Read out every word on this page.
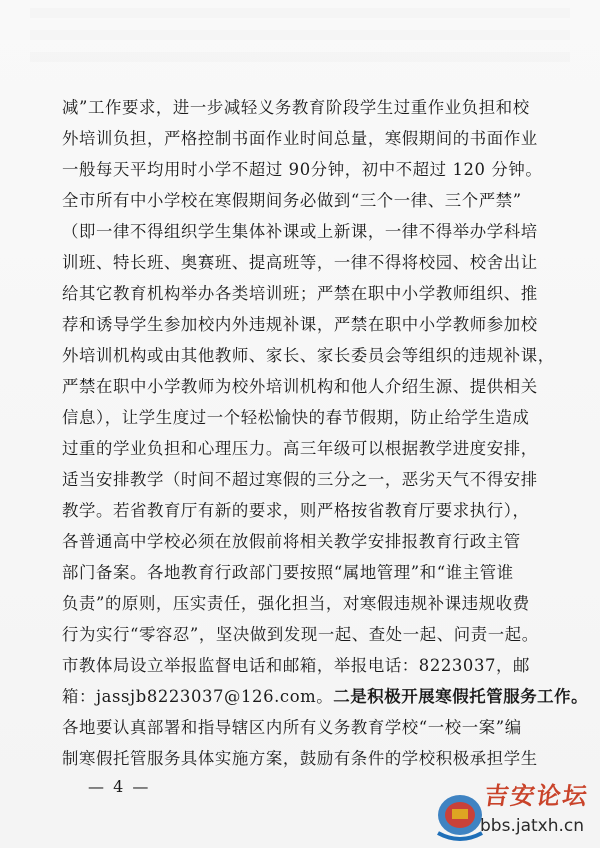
减”工作要求，进一步减轻义务教育阶段学生过重作业负担和校
外培训负担，严格控制书面作业时间总量，寒假期间的书面作业
一般每天平均用时小学不超过 90分钟，初中不超过 120 分钟。
全市所有中小学校在寒假期间务必做到“三个一律、三个严禁”
（即一律不得组织学生集体补课或上新课，一律不得举办学科培
训班、特长班、奥赛班、提高班等，一律不得将校园、校舍出让
给其它教育机构举办各类培训班；严禁在职中小学教师组织、推
荐和诱导学生参加校内外违规补课，严禁在职中小学教师参加校
外培训机构或由其他教师、家长、家长委员会等组织的违规补课，
严禁在职中小学教师为校外培训机构和他人介绍生源、提供相关
信息），让学生度过一个轻松愉快的春节假期，防止给学生造成
过重的学业负担和心理压力。高三年级可以根据教学进度安排，
适当安排教学（时间不超过寒假的三分之一，恶劣天气不得安排
教学。若省教育厅有新的要求，则严格按省教育厅要求执行），
各普通高中学校必须在放假前将相关教学安排报教育行政主管
部门备案。各地教育行政部门要按照“属地管理”和“谁主管谁
负责”的原则，压实责任，强化担当，对寒假违规补课违规收费
行为实行“零容忍”，坚决做到发现一起、查处一起、问责一起。
市教体局设立举报监督电话和邮箱，举报电话：8223037，邮
箱：jassjb8223037@126.com。二是积极开展寒假托管服务工作。
各地要认真部署和指导辖区内所有义务教育学校“一校一案”编
制寒假托管服务具体实施方案，鼓励有条件的学校积极承担学生
— 4 —	吉安论坛
bbs.jatxh.cn
